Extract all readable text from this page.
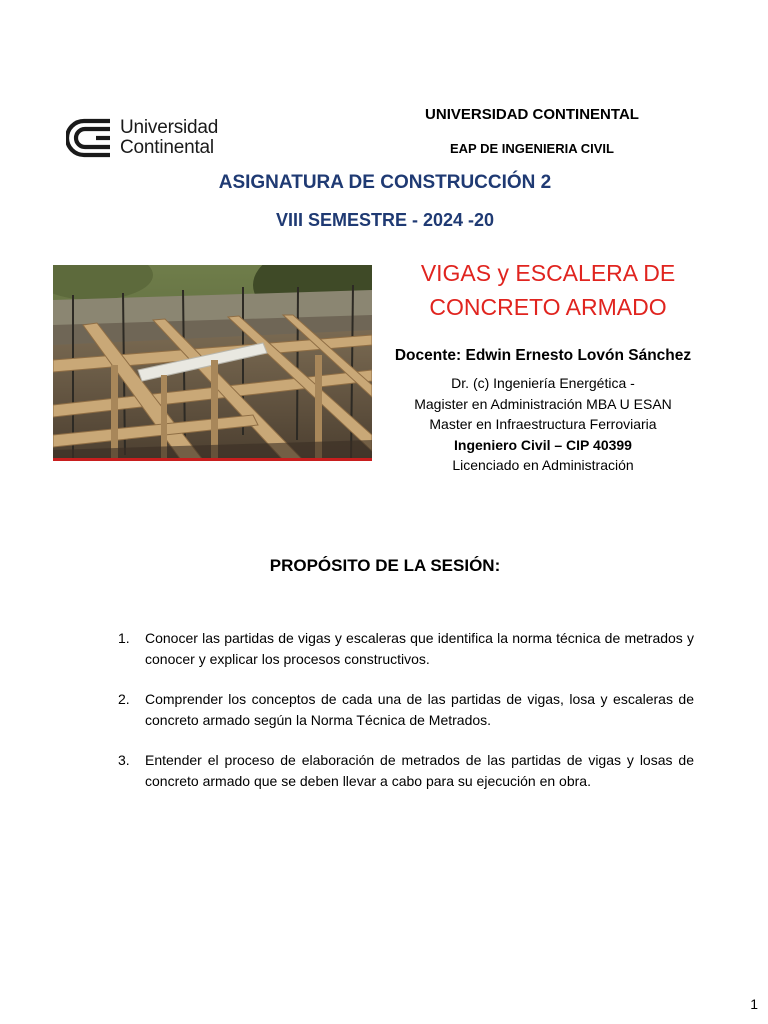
Universidad
Continental
UNIVERSIDAD CONTINENTAL
EAP DE INGENIERIA CIVIL
ASIGNATURA DE CONSTRUCCIÓN 2
VIII SEMESTRE - 2024 -20
VIGAS y ESCALERA DE
CONCRETO ARMADO
Docente: Edwin Ernesto Lovón Sánchez
Dr. (c) Ingeniería Energética -
Magister en Administración MBA U ESAN
Master en Infraestructura Ferroviaria
Ingeniero Civil – CIP 40399
Licenciado en Administración
PROPÓSITO DE LA SESIÓN:
1. Conocer las partidas de vigas y escaleras que identifica la norma técnica de metrados y conocer y explicar los procesos constructivos.
2. Comprender los conceptos de cada una de las partidas de vigas, losa y escaleras de concreto armado según la Norma Técnica de Metrados.
3. Entender el proceso de elaboración de metrados de las partidas de vigas y losas de concreto armado que se deben llevar a cabo para su ejecución en obra.
1
